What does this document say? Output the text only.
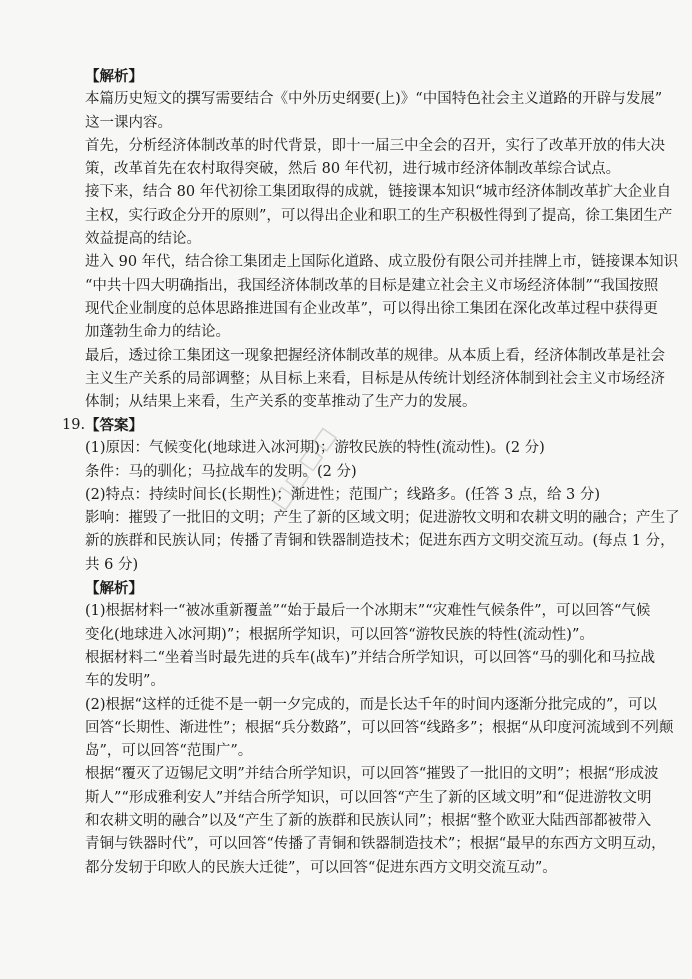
【解析】
本篇历史短文的撰写需要结合《中外历史纲要(上)》“中国特色社会主义道路的开辟与发展”
这一课内容。
首先，分析经济体制改革的时代背景，即十一届三中全会的召开，实行了改革开放的伟大决
策，改革首先在农村取得突破，然后 80 年代初，进行城市经济体制改革综合试点。
接下来，结合 80 年代初徐工集团取得的成就，链接课本知识“城市经济体制改革扩大企业自
主权，实行政企分开的原则”，可以得出企业和职工的生产积极性得到了提高，徐工集团生产
效益提高的结论。
进入 90 年代，结合徐工集团走上国际化道路、成立股份有限公司并挂牌上市，链接课本知识
“中共十四大明确指出，我国经济体制改革的目标是建立社会主义市场经济体制”“我国按照
现代企业制度的总体思路推进国有企业改革”，可以得出徐工集团在深化改革过程中获得更
加蓬勃生命力的结论。
最后，透过徐工集团这一现象把握经济体制改革的规律。从本质上看，经济体制改革是社会
主义生产关系的局部调整；从目标上来看，目标是从传统计划经济体制到社会主义市场经济
体制；从结果上来看，生产关系的变革推动了生产力的发展。
19. 【答案】
(1)原因：气候变化(地球进入冰河期)；游牧民族的特性(流动性)。(2 分)
条件：马的驯化；马拉战车的发明。(2 分)
(2)特点：持续时间长(长期性)；渐进性；范围广；线路多。(任答 3 点，给 3 分)
影响：摧毁了一批旧的文明；产生了新的区域文明；促进游牧文明和农耕文明的融合；产生了
新的族群和民族认同；传播了青铜和铁器制造技术；促进东西方文明交流互动。(每点 1 分，
共 6 分)
【解析】
(1)根据材料一“被冰重新覆盖”“始于最后一个冰期末”“灾难性气候条件”，可以回答“气候
变化(地球进入冰河期)”；根据所学知识，可以回答“游牧民族的特性(流动性)”。
根据材料二“坐着当时最先进的兵车(战车)”并结合所学知识，可以回答“马的驯化和马拉战
车的发明”。
(2)根据“这样的迁徙不是一朝一夕完成的，而是长达千年的时间内逐渐分批完成的”，可以
回答“长期性、渐进性”；根据“兵分数路”，可以回答“线路多”；根据“从印度河流域到不列颠
岛”，可以回答“范围广”。
根据“覆灭了迈锡尼文明”并结合所学知识，可以回答“摧毁了一批旧的文明”；根据“形成波
斯人”“形成雅利安人”并结合所学知识，可以回答“产生了新的区域文明”和“促进游牧文明
和农耕文明的融合”以及“产生了新的族群和民族认同”；根据“整个欧亚大陆西部都被带入
青铜与铁器时代”，可以回答“传播了青铜和铁器制造技术”；根据“最早的东西方文明互动，
都分发轫于印欧人的民族大迁徙”，可以回答“促进东西方文明交流互动”。
